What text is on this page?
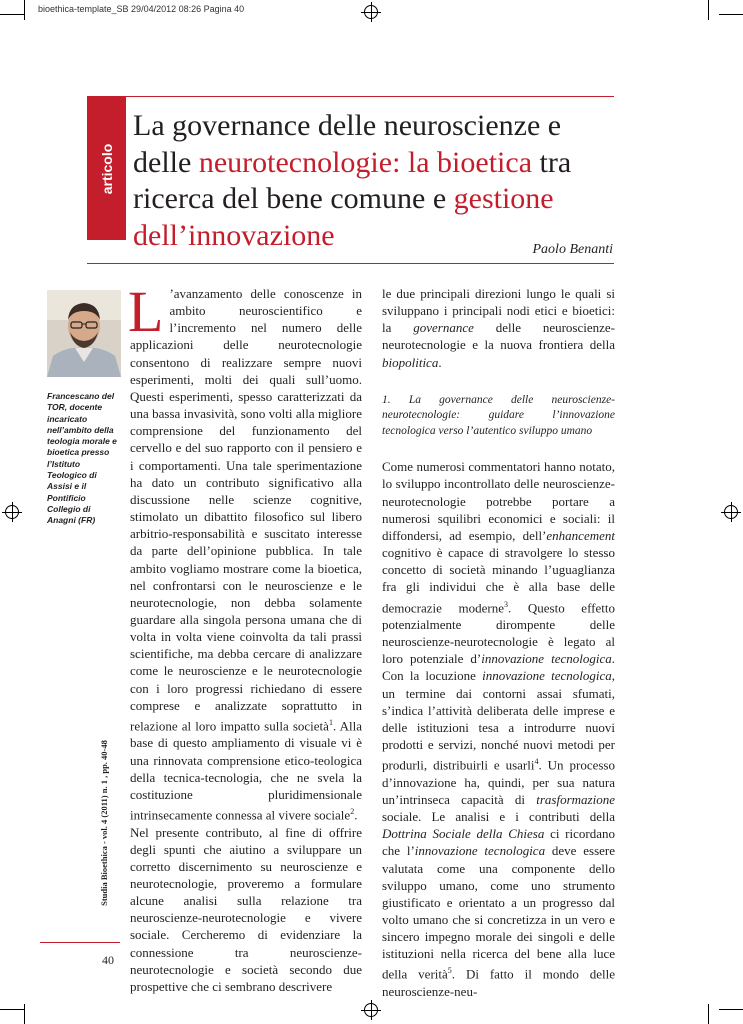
bioethica-template_SB 29/04/2012 08:26 Pagina 40
articolo
La governance delle neuroscienze e delle neurotecnologie: la bioetica tra ricerca del bene comune e gestione dell’innovazione	Paolo Benanti
Francescano del TOR, docente incaricato nell’ambito della teologia morale e bioetica presso l’Istituto Teologico di Assisi e il Pontificio Collegio di Anagni (FR)

L ’avanzamento delle conoscenze in ambito neuroscientifico e l’incremento nel numero delle applicazioni delle neurotecnologie consentono di realizzare sempre nuovi esperimenti, molti dei quali sull’uomo. Questi esperimenti, spesso caratterizzati da una bassa invasività, sono volti alla migliore comprensione del funzionamento del cervello e del suo rapporto con il pensiero e i comportamenti. Una tale sperimentazione ha dato un contributo significativo alla discussione nelle scienze cognitive, stimolato un dibattito filosofico sul libero arbitrio-responsabilità e suscitato interesse da parte dell’opinione pubblica. In tale ambito vogliamo mostrare come la bioetica, nel confrontarsi con le neuroscienze e le neurotecnologie, non debba solamente guardare alla singola persona umana che di volta in volta viene coinvolta da tali prassi scientifiche, ma debba cercare di analizzare come le neuroscienze e le neurotecnologie con i loro progressi richiedano di essere comprese e analizzate soprattutto in relazione al loro impatto sulla società$^1$. Alla base di questo ampliamento di visuale vi è una rinnovata comprensione etico-teologica della tecnica-tecnologia, che ne svela la costituzione pluridimensionale intrinsecamente connessa al vivere sociale$^2$.

Nel presente contributo, al fine di offrire degli spunti che aiutino a sviluppare un corretto discernimento su neuroscienze e neurotecnologie, proveremo a formulare alcune analisi sulla relazione tra neuroscienze-neurotecnologie e vivere sociale. Cercheremo di evidenziare la connessione tra neuroscienze-neurotecnologie e società secondo due prospettive che ci sembrano descrivere

le due principali direzioni lungo le quali si sviluppano i principali nodi etici e bioetici: la governance delle neuroscienze-neurotecnologie e la nuova frontiera della biopolitica.

1. La governance delle neuroscienze-neurotecnologie: guidare l’innovazione tecnologica verso l’autentico sviluppo umano

Come numerosi commentatori hanno notato, lo sviluppo incontrollato delle neuroscienze-neurotecnologie potrebbe portare a numerosi squilibri economici e sociali: il diffondersi, ad esempio, dell’enhancement cognitivo è capace di stravolgere lo stesso concetto di società minando l’uguaglianza fra gli individui che è alla base delle democrazie moderne$^3$. Questo effetto potenzialmente dirompente delle neuroscienze-neurotecnologie è legato al loro potenziale d’innovazione tecnologica. Con la locuzione innovazione tecnologica, un termine dai contorni assai sfumati, s’indica l’attività deliberata delle imprese e delle istituzioni tesa a introdurre nuovi prodotti e servizi, nonché nuovi metodi per produrli, distribuirli e usarli$^4$. Un processo d’innovazione ha, quindi, per sua natura un’intrinseca capacità di trasformazione sociale. Le analisi e i contributi della Dottrina Sociale della Chiesa ci ricordano che l’innovazione tecnologica deve essere valutata come una componente dello sviluppo umano, come uno strumento giustificato e orientato a un progresso dal volto umano che si concretizza in un vero e sincero impegno morale dei singoli e delle istituzioni nella ricerca del bene alla luce della verità$^5$. Di fatto il mondo delle neuroscienze-neu-

Studia Bioethica - vol. 4 (2011) n. 1 , pp. 40-48
40
